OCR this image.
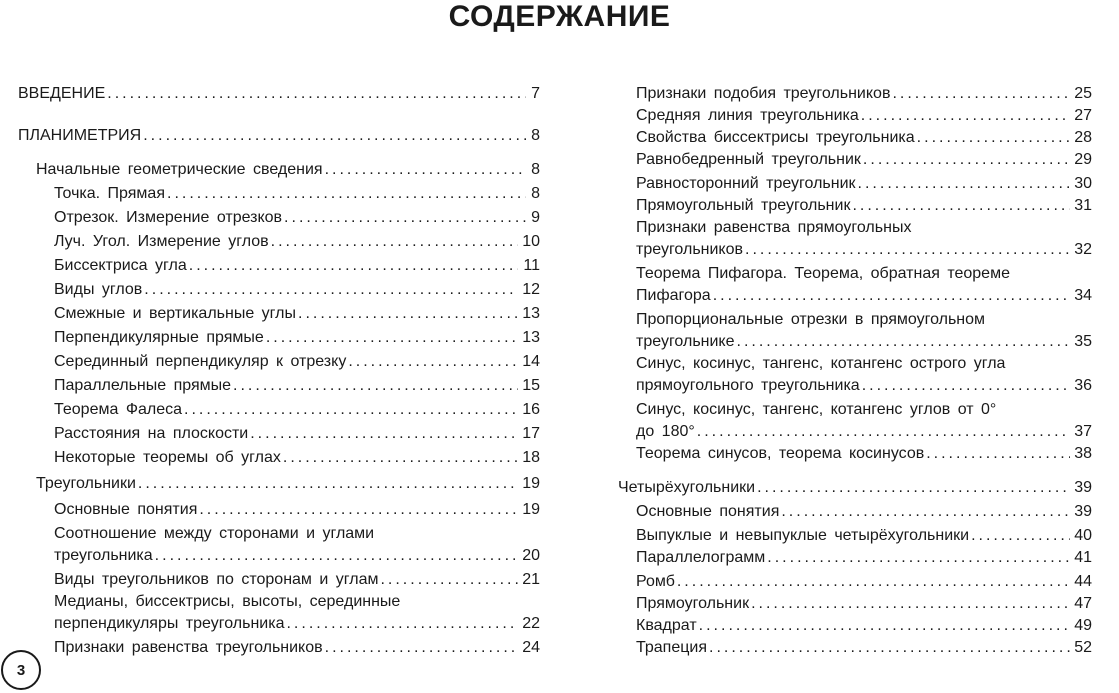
СОДЕРЖАНИЕ
ВВЕДЕНИЕ .....	7
ПЛАНИМЕТРИЯ .....	8
Начальные геометрические сведения .....	8
Точка. Прямая .....	8
Отрезок. Измерение отрезков .....	9
Луч. Угол. Измерение углов .....	10
Биссектриса угла .....	11
Виды углов .....	12
Смежные и вертикальные углы .....	13
Перпендикулярные прямые .....	13
Серединный перпендикуляр к отрезку .....	14
Параллельные прямые .....	15
Теорема Фалеса .....	16
Расстояния на плоскости .....	17
Некоторые теоремы об углах .....	18
Треугольники .....	19
Основные понятия .....	19
Соотношение между сторонами и углами
треугольника .....	20
Виды треугольников по сторонам и углам .....	21
Медианы, биссектрисы, высоты, серединные
перпендикуляры треугольника .....	22
Признаки равенства треугольников .....	24
Признаки подобия треугольников .....	25
Средняя линия треугольника .....	27
Свойства биссектрисы треугольника .....	28
Равнобедренный треугольник .....	29
Равносторонний треугольник .....	30
Прямоугольный треугольник .....	31
Признаки равенства прямоугольных
треугольников .....	32
Теорема Пифагора. Теорема, обратная теореме
Пифагора .....	34
Пропорциональные отрезки в прямоугольном
треугольнике .....	35
Синус, косинус, тангенс, котангенс острого угла
прямоугольного треугольника .....	36
Синус, косинус, тангенс, котангенс углов от 0°
до 180° .....	37
Теорема синусов, теорема косинусов .....	38
Четырёхугольники .....	39
Основные понятия .....	39
Выпуклые и невыпуклые четырёхугольники .....	40
Параллелограмм .....	41
Ромб .....	44
Прямоугольник .....	47
Квадрат .....	49
Трапеция .....	52
3
